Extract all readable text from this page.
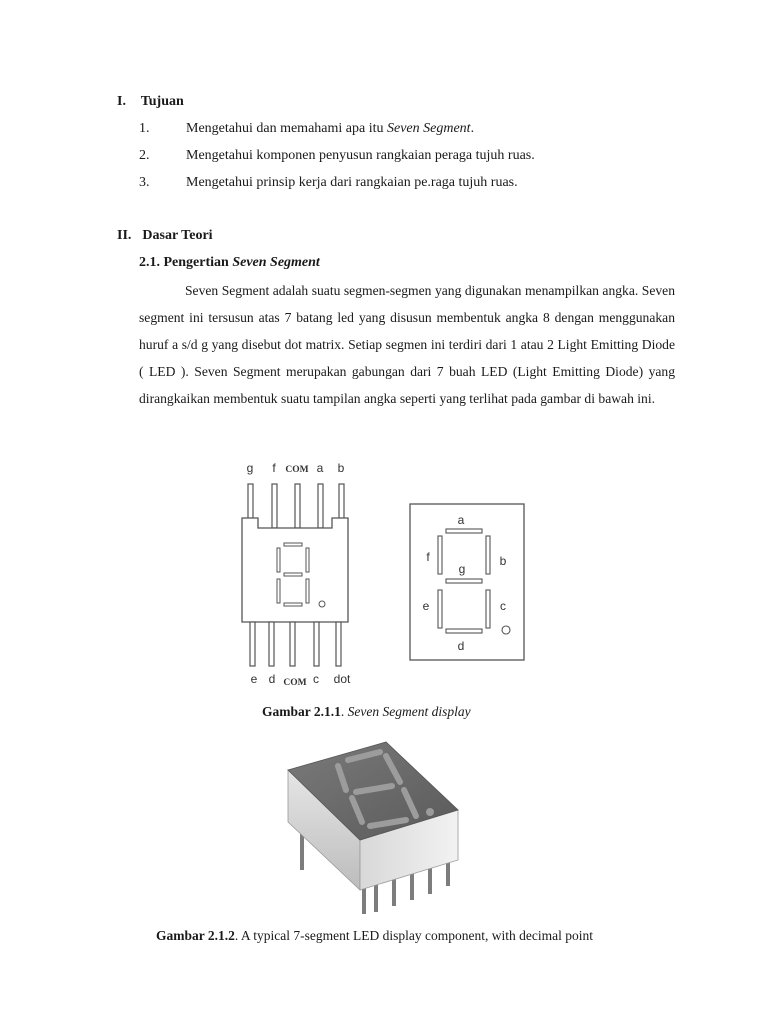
I. Tujuan
1.	Mengetahui dan memahami apa itu Seven Segment.
2.	Mengetahui komponen penyusun rangkaian peraga tujuh ruas.
3.	Mengetahui prinsip kerja dari rangkaian pe.raga tujuh ruas.
II. Dasar Teori
2.1. Pengertian Seven Segment
Seven Segment adalah suatu segmen-segmen yang digunakan menampilkan angka. Seven segment ini tersusun atas 7 batang led yang disusun membentuk angka 8 dengan menggunakan huruf a s/d g yang disebut dot matrix. Setiap segmen ini terdiri dari 1 atau 2 Light Emitting Diode ( LED ). Seven Segment merupakan gabungan dari 7 buah LED (Light Emitting Diode) yang dirangkaikan membentuk suatu tampilan angka seperti yang terlihat pada gambar di bawah ini.
g f COM a b
e d COM c dot
a
b
c
d
e
f
g
Gambar 2.1.1. Seven Segment display
Gambar 2.1.2. A typical 7-segment LED display component, with decimal point
